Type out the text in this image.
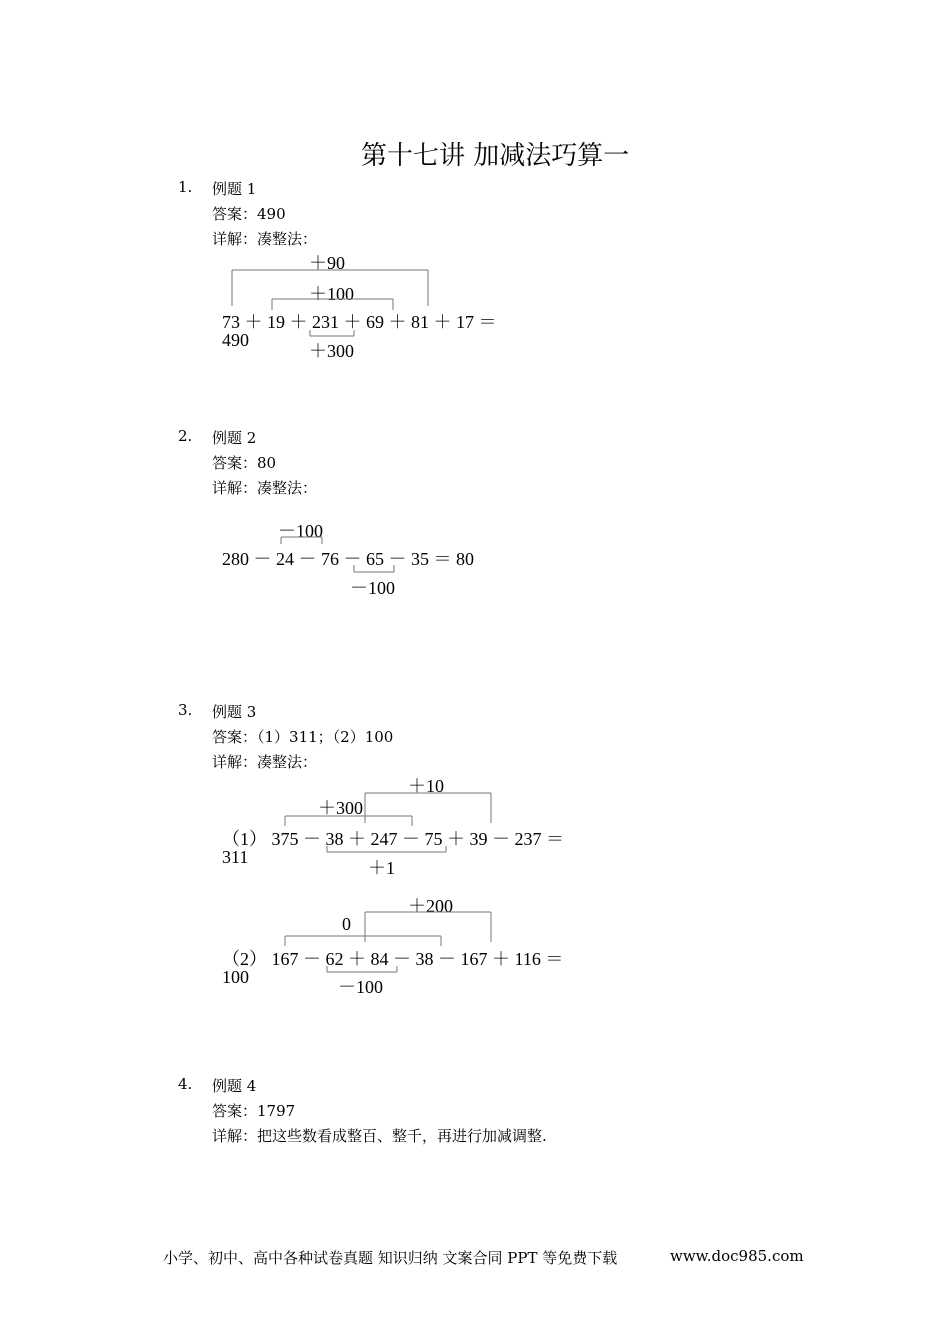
第十七讲 加减法巧算一
1. 例题 1
答案：490
详解：凑整法：
＋90
＋100
73 ＋ 19 ＋ 231 ＋ 69 ＋ 81 ＋ 17 ＝
490
＋300
2. 例题 2
答案：80
详解：凑整法：
－100
280 － 24 － 76 － 65 － 35 ＝ 80
－100
3. 例题 3
答案：（1）311；（2）100
详解：凑整法：
＋10
＋300
（1） 375 － 38 ＋ 247 － 75 ＋ 39 － 237 ＝
311
＋1
＋200
0
（2） 167 － 62 ＋ 84 － 38 － 167 ＋ 116 ＝
100	－100
4. 例题 4
答案：1797
详解：把这些数看成整百、整千，再进行加减调整.
小学、初中、高中各种试卷真题 知识归纳 文案合同 PPT 等免费下载	www.doc985.com
